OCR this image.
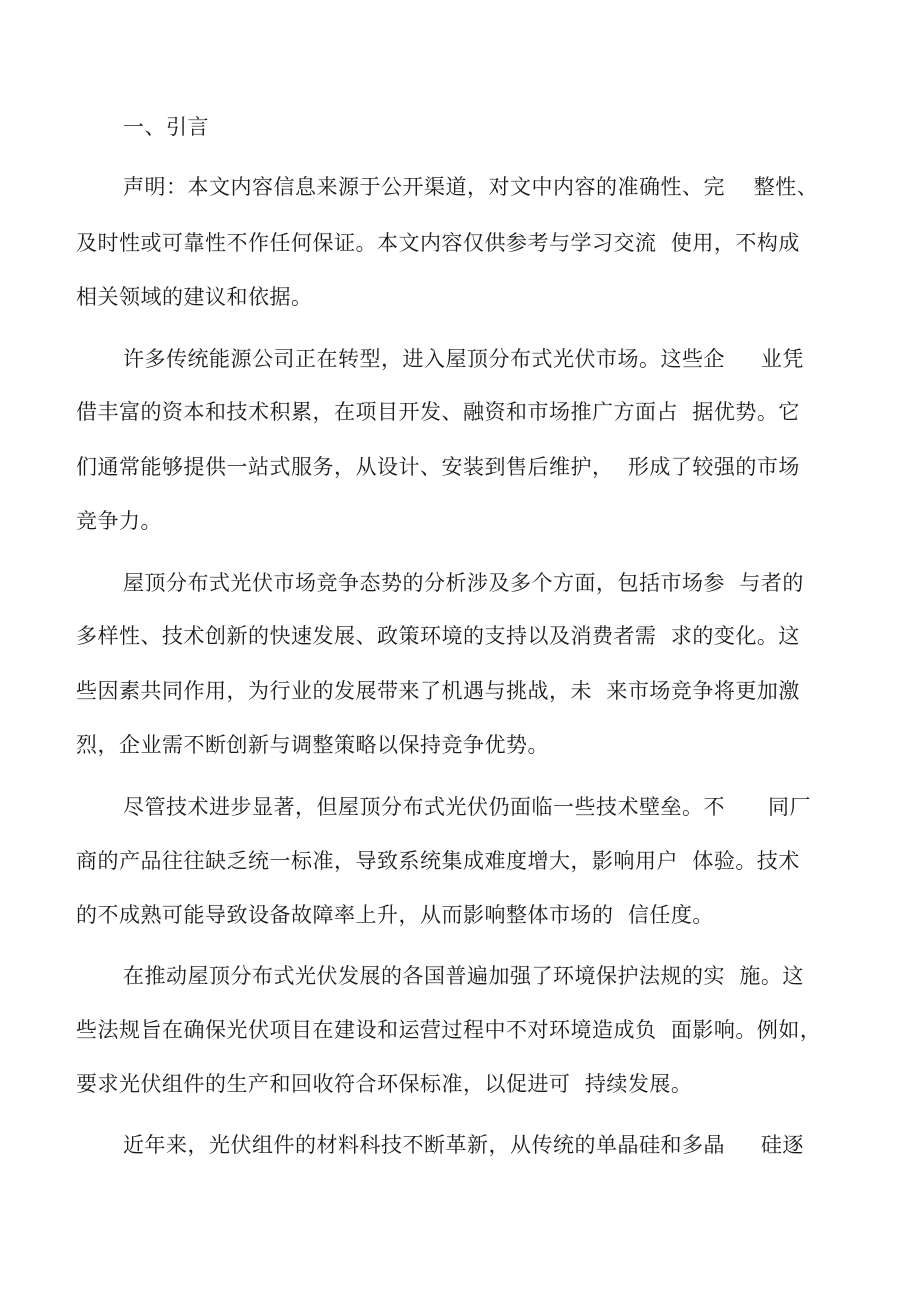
一、引言
声明：本文内容信息来源于公开渠道，对文中内容的准确性、完    整性、
及时性或可靠性不作任何保证。本文内容仅供参考与学习交流  使用，不构成
相关领域的建议和依据。
许多传统能源公司正在转型，进入屋顶分布式光伏市场。这些企     业凭
借丰富的资本和技术积累，在项目开发、融资和市场推广方面占  据优势。它
们通常能够提供一站式服务，从设计、安装到售后维护，  形成了较强的市场
竞争力。
屋顶分布式光伏市场竞争态势的分析涉及多个方面，包括市场参  与者的
多样性、技术创新的快速发展、政策环境的支持以及消费者需  求的变化。这
些因素共同作用，为行业的发展带来了机遇与挑战，未  来市场竞争将更加激
烈，企业需不断创新与调整策略以保持竞争优势。
尽管技术进步显著，但屋顶分布式光伏仍面临一些技术壁垒。不      同厂
商的产品往往缺乏统一标准，导致系统集成难度增大，影响用户  体验。技术
的不成熟可能导致设备故障率上升，从而影响整体市场的  信任度。
在推动屋顶分布式光伏发展的各国普遍加强了环境保护法规的实  施。这
些法规旨在确保光伏项目在建设和运营过程中不对环境造成负  面影响。例如，
要求光伏组件的生产和回收符合环保标准，以促进可  持续发展。
近年来，光伏组件的材料科技不断革新，从传统的单晶硅和多晶     硅逐
